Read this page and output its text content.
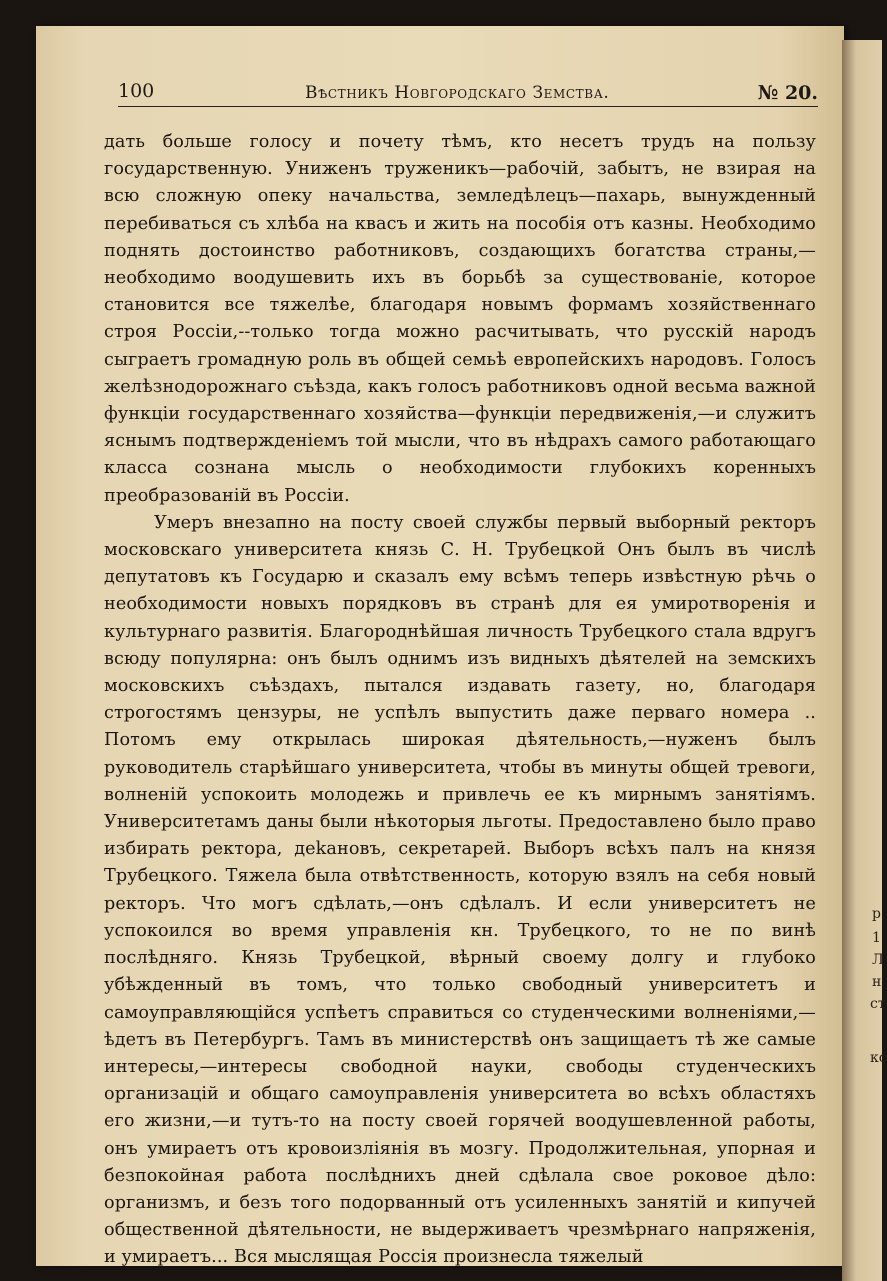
р
1
Л
н
ст
кс
100	Вѣстникъ Новгородскаго Земства.	№ 20.

дать больше голосу и почету тѣмъ, кто несетъ трудъ на пользу государственную. Униженъ труженикъ—рабочій, забытъ, не взирая на всю сложную опеку начальства, земледѣлецъ—пахарь, вынужденный перебиваться съ хлѣба на квасъ и жить на пособія отъ казны. Необходимо поднять достоинство работниковъ, создающихъ богатства страны,—необходимо воодушевить ихъ въ борьбѣ за существованіе, которое становится все тяжелѣе, благодаря новымъ формамъ хозяйственнаго строя Россіи,--только тогда можно расчитывать, что русскій народъ сыграетъ громадную роль въ общей семьѣ европейскихъ народовъ. Голосъ желѣзнодорожнаго съѣзда, какъ голосъ работниковъ одной весьма важной функціи государственнаго хозяйства—функціи передвиженія,—и служитъ яснымъ подтвержденіемъ той мысли, что въ нѣдрахъ самого работающаго класса сознана мысль о необходимости глубокихъ коренныхъ преобразованій въ Россіи.

Умеръ внезапно на посту своей службы первый выборный ректоръ московскаго университета князь С. Н. Трубецкой Онъ былъ въ числѣ депутатовъ къ Государю и сказалъ ему всѣмъ теперь извѣстную рѣчь о необходимости новыхъ порядковъ въ странѣ для ея умиротворенія и культурнаго развитія. Благороднѣйшая личность Трубецкого стала вдругъ всюду популярна: онъ былъ однимъ изъ видныхъ дѣятелей на земскихъ московскихъ съѣздахъ, пытался издавать газету, но, благодаря строгостямъ цензуры, не успѣлъ выпустить даже перваго номера .. Потомъ ему открылась широкая дѣятельность,—нуженъ былъ руководитель старѣйшаго университета, чтобы въ минуты общей тревоги, волненій успокоить молодежь и привлечь ее къ мирнымъ занятіямъ. Университетамъ даны были нѣкоторыя льготы. Предоставлено было право избирать ректора, дekановъ, секретарей. Выборъ всѣхъ палъ на князя Трубецкого. Тяжела была отвѣтственность, которую взялъ на себя новый ректоръ. Что могъ сдѣлать,—онъ сдѣлалъ. И если университетъ не успокоился во время управленія кн. Трубецкого, то не по винѣ послѣдняго. Князь Трубецкой, вѣрный своему долгу и глубоко убѣжденный въ томъ, что только свободный университетъ и самоуправляющійся успѣетъ справиться со студенческими волненіями,—ѣдетъ въ Петербургъ. Тамъ въ министерствѣ онъ защищаетъ тѣ же самые интересы,—интересы свободной науки, свободы студенческихъ организацій и общаго самоуправленія университета во всѣхъ областяхъ его жизни,—и тутъ-то на посту своей горячей воодушевленной работы, онъ умираетъ отъ кровоизліянія въ мозгу. Продолжительная, упорная и безпокойная работа послѣднихъ дней сдѣлала свое роковое дѣло: организмъ, и безъ того подорванный отъ усиленныхъ занятій и кипучей общественной дѣятельности, не выдерживаетъ чрезмѣрнаго напряженія, и умираетъ... Вся мыслящая Россія произнесла тяжелый
